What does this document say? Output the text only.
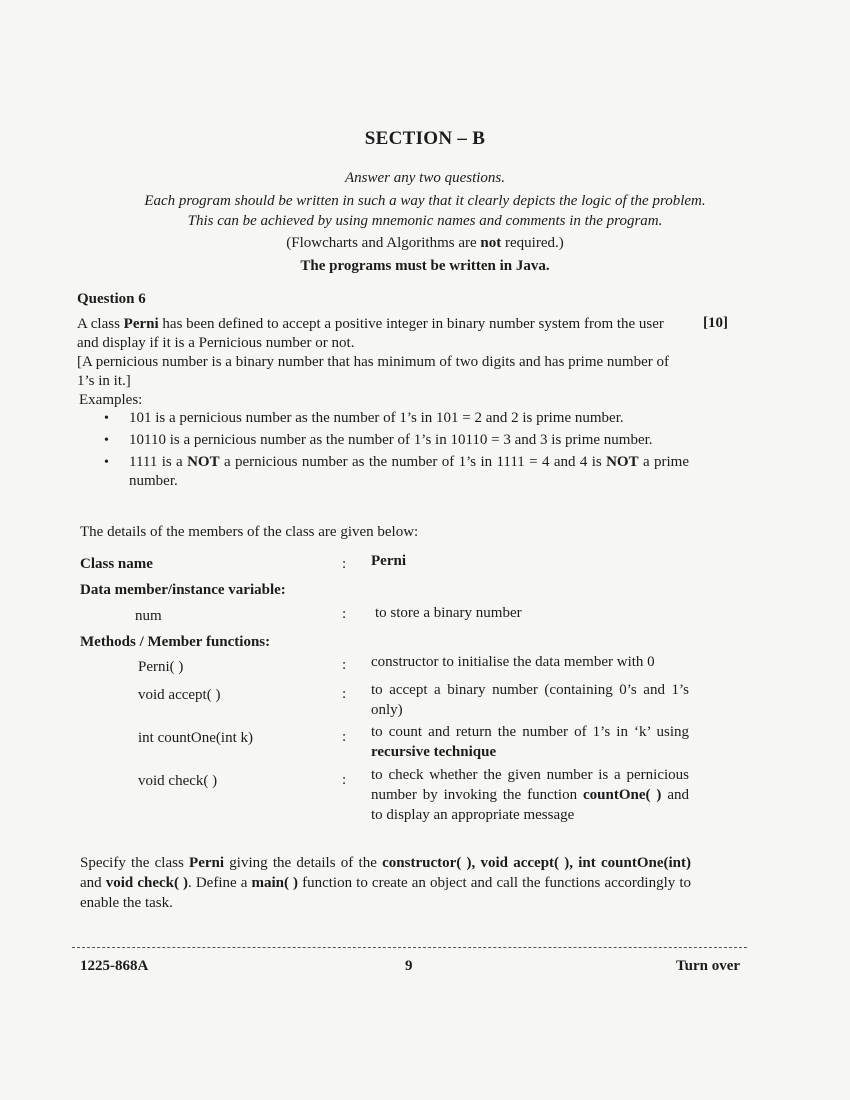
SECTION – B
Answer any two questions.
Each program should be written in such a way that it clearly depicts the logic of the problem.
This can be achieved by using mnemonic names and comments in the program.
(Flowcharts and Algorithms are not required.)
The programs must be written in Java.
Question 6
[10]
A class Perni has been defined to accept a positive integer in binary number system from the user and display if it is a Pernicious number or not.
[A pernicious number is a binary number that has minimum of two digits and has prime number of 1’s in it.]
Examples:
•	101 is a pernicious number as the number of 1’s in 101 = 2 and 2 is prime number.
•	10110 is a pernicious number as the number of 1’s in 10110 = 3 and 3 is prime number.
•	1111 is a NOT a pernicious number as the number of 1’s in 1111 = 4 and 4 is NOT a prime number.
The details of the members of the class are given below:
Class name	: Perni
Data member/instance variable:
num	: to store a binary number
Methods / Member functions:
Perni( )	: constructor to initialise the data member with 0
void accept( )	: to accept a binary number (containing 0’s and 1’s only)
int countOne(int k)	: to count and return the number of 1’s in ‘k’ using recursive technique
void check( )	: to check whether the given number is a pernicious number by invoking the function countOne( ) and to display an appropriate message
Specify the class Perni giving the details of the constructor( ), void accept( ), int countOne(int) and void check( ). Define a main( ) function to create an object and call the functions accordingly to enable the task.
1225-868A	9	Turn over
